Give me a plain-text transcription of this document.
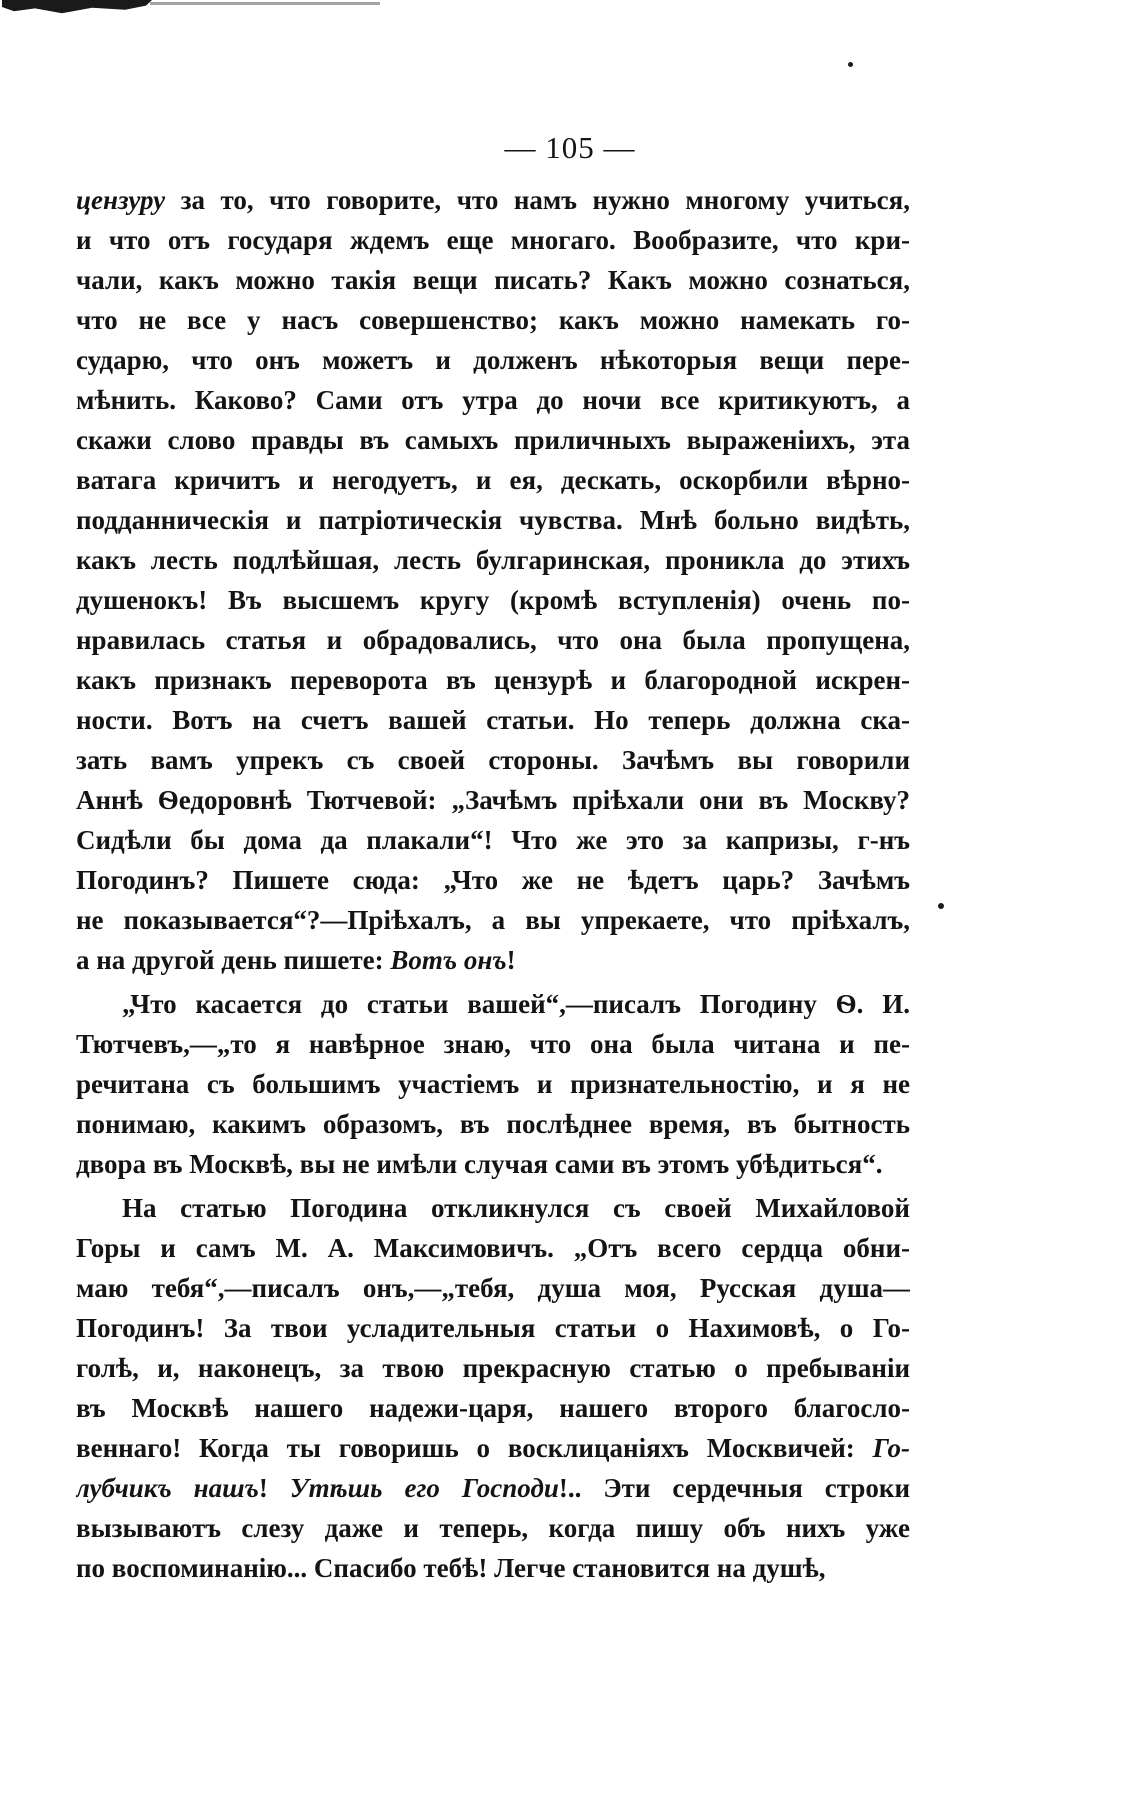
— 105 —
цензуру за то, что говорите, что намъ нужно многому учиться,
и что отъ государя ждемъ еще многаго. Вообразите, что кри-
чали, какъ можно такія вещи писать? Какъ можно сознаться,
что не все у насъ совершенство; какъ можно намекать го-
сударю, что онъ можетъ и долженъ нѣкоторыя вещи пере-
мѣнить. Каково? Сами отъ утра до ночи все критикуютъ, а
скажи слово правды въ самыхъ приличныхъ выраженіихъ, эта
ватага кричитъ и негодуетъ, и ея, дескать, оскорбили вѣрно-
подданническія и патріотическія чувства. Мнѣ больно видѣть,
какъ лесть подлѣйшая, лесть булгаринская, проникла до этихъ
душенокъ! Въ высшемъ кругу (кромѣ вступленія) очень по-
нравилась статья и обрадовались, что она была пропущена,
какъ признакъ переворота въ цензурѣ и благородной искрен-
ности. Вотъ на счетъ вашей статьи. Но теперь должна ска-
зать вамъ упрекъ съ своей стороны. Зачѣмъ вы говорили
Аннѣ Ѳедоровнѣ Тютчевой: „Зачѣмъ пріѣхали они въ Москву?
Сидѣли бы дома да плакали“! Что же это за капризы, г-нъ
Погодинъ? Пишете сюда: „Что же не ѣдетъ царь? Зачѣмъ
не показывается“?—Пріѣхалъ, а вы упрекаете, что пріѣхалъ,
а на другой день пишете: Вотъ онъ!
„Что касается до статьи вашей“,—писалъ Погодину Ѳ. И.
Тютчевъ,—„то я навѣрное знаю, что она была читана и пе-
речитана съ большимъ участіемъ и признательностію, и я не
понимаю, какимъ образомъ, въ послѣднее время, въ бытность
двора въ Москвѣ, вы не имѣли случая сами въ этомъ убѣдиться“.
На статью Погодина откликнулся съ своей Михайловой
Горы и самъ М. А. Максимовичъ. „Отъ всего сердца обни-
маю тебя“,—писалъ онъ,—„тебя, душа моя, Русская душа—
Погодинъ! За твои усладительныя статьи о Нахимовѣ, о Го-
голѣ, и, наконецъ, за твою прекрасную статью о пребываніи
въ Москвѣ нашего надежи-царя, нашего второго благосло-
веннаго! Когда ты говоришь о восклицаніяхъ Москвичей: Го-
лубчикъ нашъ! Утѣшь его Господи!.. Эти сердечныя строки
вызываютъ слезу даже и теперь, когда пишу объ нихъ уже
по воспоминанію... Спасибо тебѣ! Легче становится на душѣ,
